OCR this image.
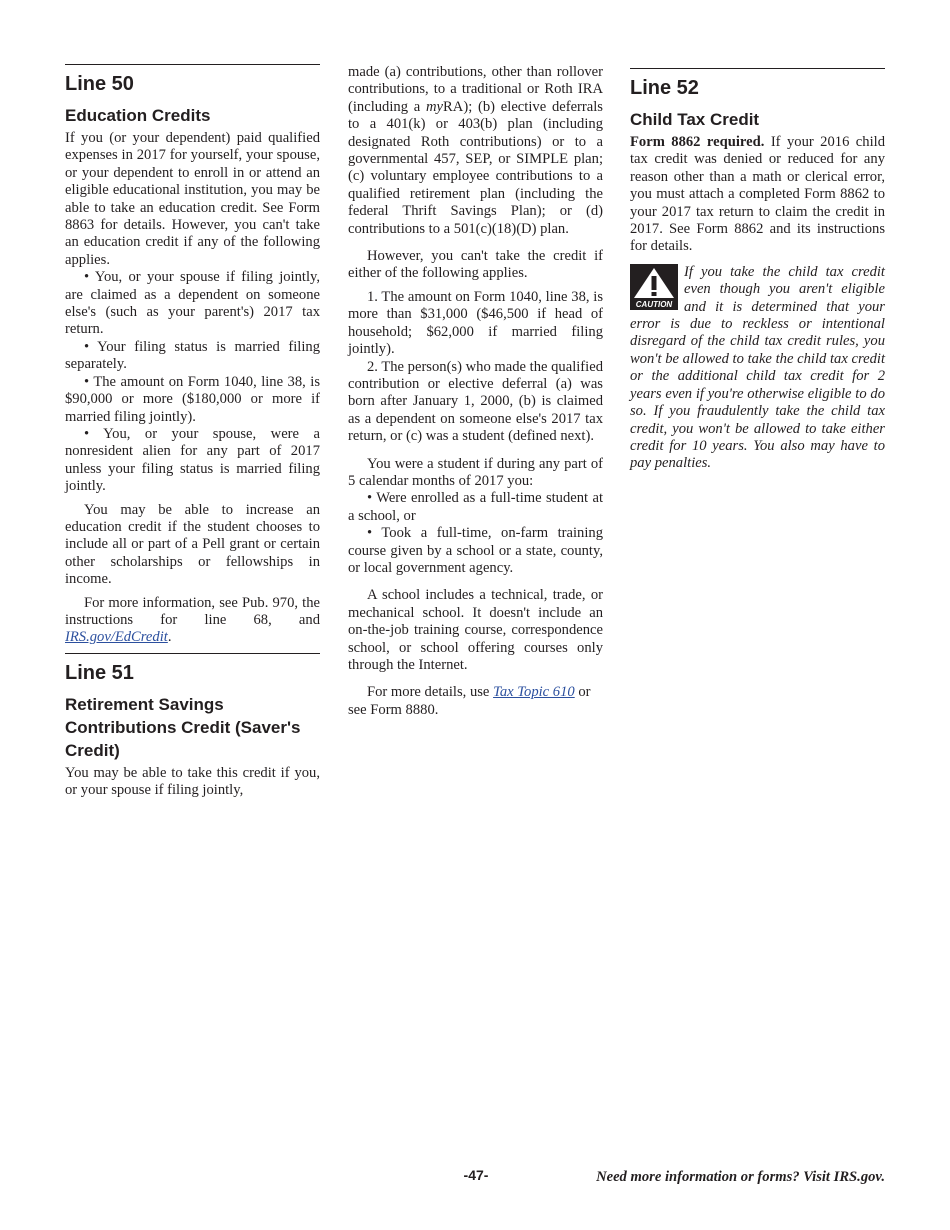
Line 50
Education Credits

If you (or your dependent) paid qualified expenses in 2017 for yourself, your spouse, or your dependent to enroll in or attend an eligible educational institution, you may be able to take an education credit. See Form 8863 for details. However, you can't take an education credit if any of the following applies.

• You, or your spouse if filing jointly, are claimed as a dependent on someone else's (such as your parent's) 2017 tax return.

• Your filing status is married filing separately.

• The amount on Form 1040, line 38, is $90,000 or more ($180,000 or more if married filing jointly).

• You, or your spouse, were a nonresident alien for any part of 2017 unless your filing status is married filing jointly.

You may be able to increase an education credit if the student chooses to include all or part of a Pell grant or certain other scholarships or fellowships in income.

For more information, see Pub. 970, the instructions for line 68, and IRS.gov/EdCredit.

Line 51
Retirement Savings Contributions Credit (Saver's Credit)

You may be able to take this credit if you, or your spouse if filing jointly,

made (a) contributions, other than rollover contributions, to a traditional or Roth IRA (including a myRA); (b) elective deferrals to a 401(k) or 403(b) plan (including designated Roth contributions) or to a governmental 457, SEP, or SIMPLE plan; (c) voluntary employee contributions to a qualified retirement plan (including the federal Thrift Savings Plan); or (d) contributions to a 501(c)(18)(D) plan.

However, you can't take the credit if either of the following applies.

1. The amount on Form 1040, line 38, is more than $31,000 ($46,500 if head of household; $62,000 if married filing jointly).

2. The person(s) who made the qualified contribution or elective deferral (a) was born after January 1, 2000, (b) is claimed as a dependent on someone else's 2017 tax return, or (c) was a student (defined next).

You were a student if during any part of 5 calendar months of 2017 you:

• Were enrolled as a full-time student at a school, or

• Took a full-time, on-farm training course given by a school or a state, county, or local government agency.

A school includes a technical, trade, or mechanical school. It doesn't include an on-the-job training course, correspondence school, or school offering courses only through the Internet.

For more details, use Tax Topic 610 or see Form 8880.

Line 52
Child Tax Credit

Form 8862 required. If your 2016 child tax credit was denied or reduced for any reason other than a math or clerical error, you must attach a completed Form 8862 to your 2017 tax return to claim the credit in 2017. See Form 8862 and its instructions for details.

CAUTION
If you take the child tax credit even though you aren't eligible and it is determined that your error is due to reckless or intentional disregard of the child tax credit rules, you won't be allowed to take the child tax credit or the additional child tax credit for 2 years even if you're otherwise eligible to do so. If you fraudulently take the child tax credit, you won't be allowed to take either credit for 10 years. You also may have to pay penalties.
-47-	Need more information or forms? Visit IRS.gov.
